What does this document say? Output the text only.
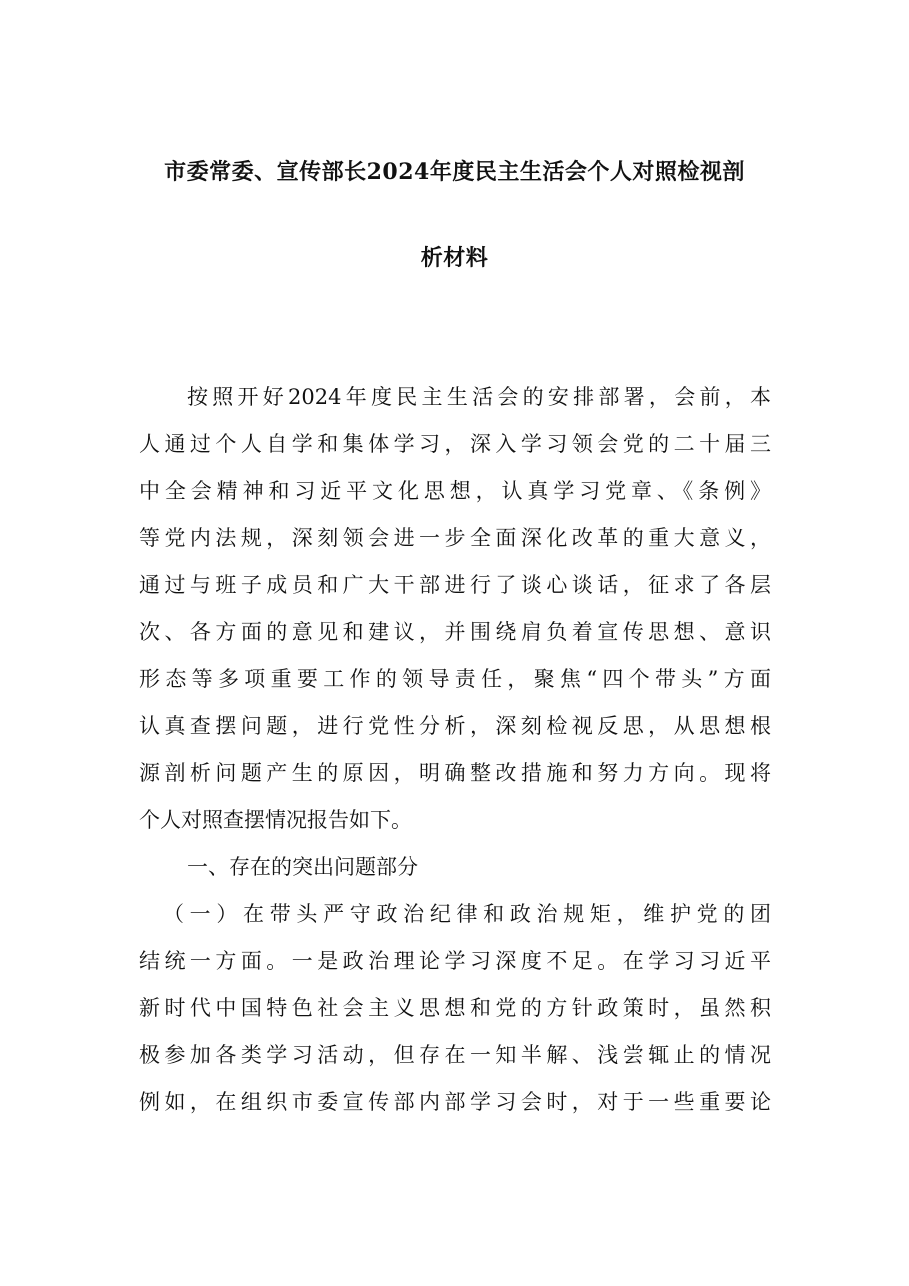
市委常委、宣传部长2024年度民主生活会个人对照检视剖
析材料
按照开好2024年度民主生活会的安排部署，会前，本
人通过个人自学和集体学习，深入学习领会党的二十届三
中全会精神和习近平文化思想，认真学习党章、《条例》
等党内法规，深刻领会进一步全面深化改革的重大意义，
通过与班子成员和广大干部进行了谈心谈话，征求了各层
次、各方面的意见和建议，并围绕肩负着宣传思想、意识
形态等多项重要工作的领导责任，聚焦“四个带头”方面
认真查摆问题，进行党性分析，深刻检视反思，从思想根
源剖析问题产生的原因，明确整改措施和努力方向。现将
个人对照查摆情况报告如下。
一、存在的突出问题部分
（一）在带头严守政治纪律和政治规矩，维护党的团
结统一方面。一是政治理论学习深度不足。在学习习近平
新时代中国特色社会主义思想和党的方针政策时，虽然积
极参加各类学习活动，但存在一知半解、浅尝辄止的情况
例如，在组织市委宣传部内部学习会时，对于一些重要论
